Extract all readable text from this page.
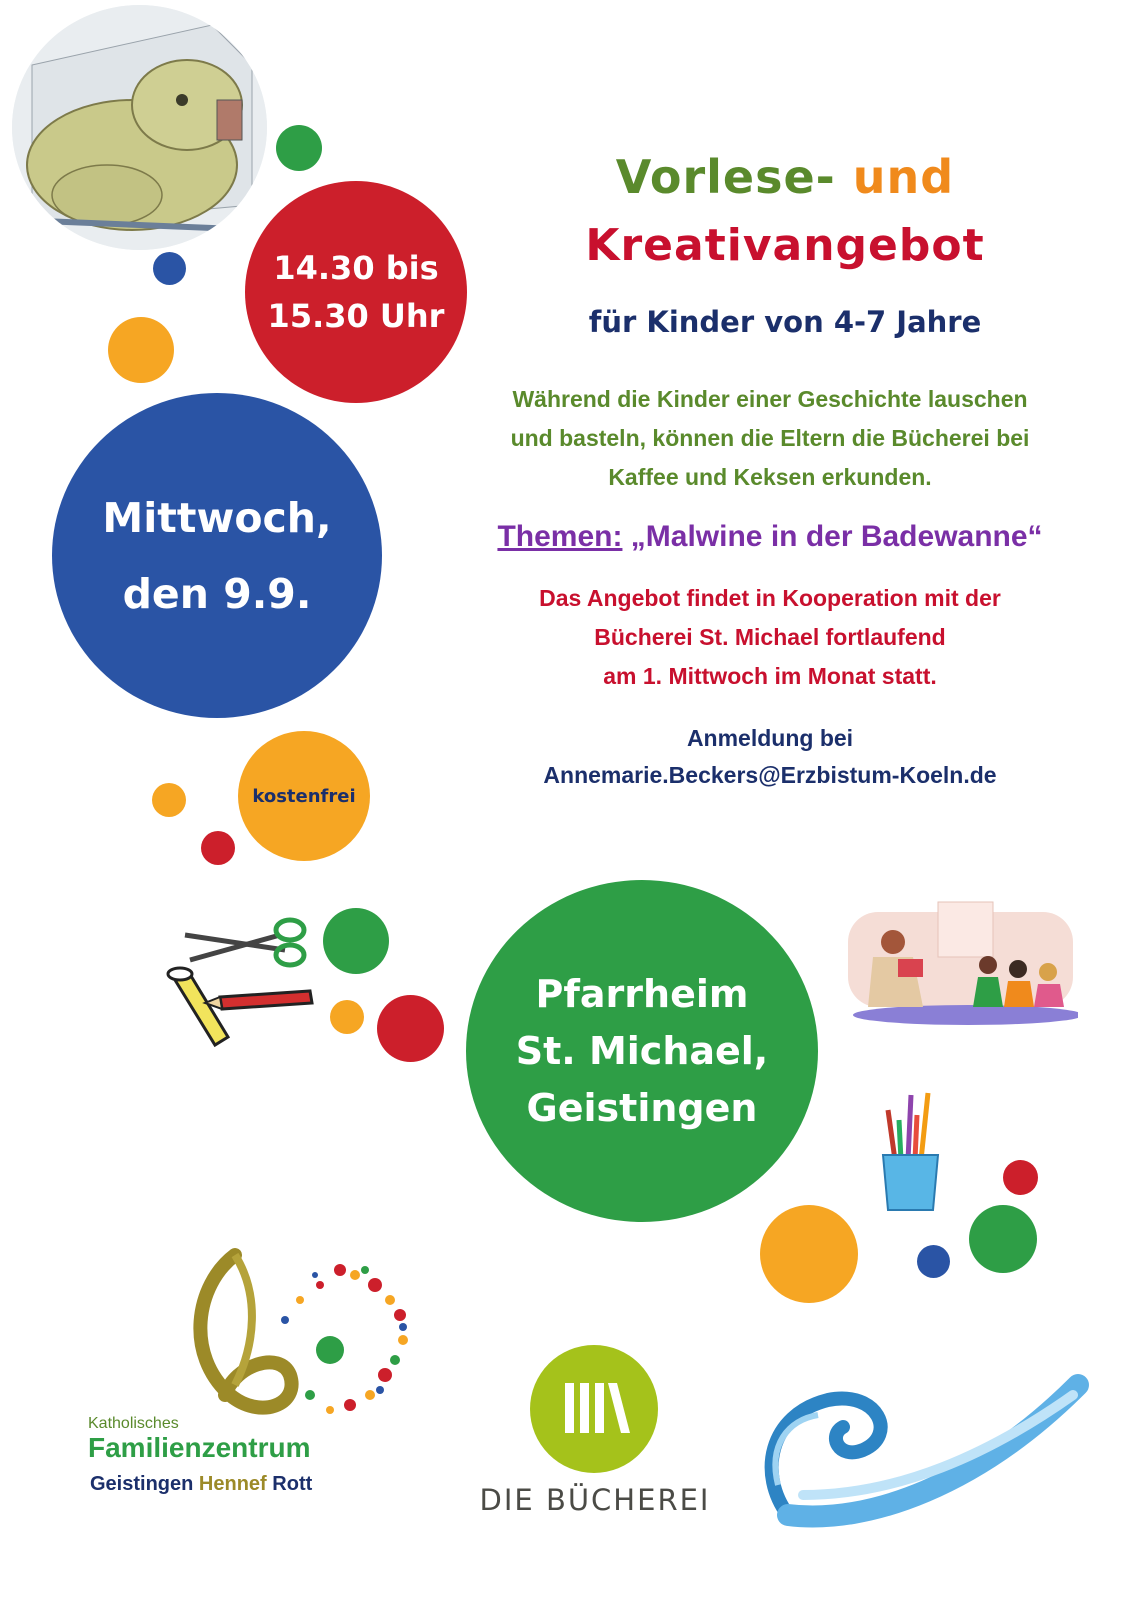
14.30 bis
15.30 Uhr
Mittwoch,
den 9.9.
kostenfrei
Pfarrheim
St. Michael,
Geistingen
Vorlese- und
Kreativangebot
für Kinder von 4-7 Jahre
Während die Kinder einer Geschichte lauschen
und basteln, können die Eltern die Bücherei bei
Kaffee und Keksen erkunden.
Themen: „Malwine in der Badewanne“
Das Angebot findet in Kooperation mit der
Bücherei St. Michael fortlaufend
am 1. Mittwoch im Monat statt.
Anmeldung bei
Annemarie.Beckers@Erzbistum-Koeln.de
Katholisches
Familienzentrum
Geistingen Hennef Rott	DIE BÜCHEREI
